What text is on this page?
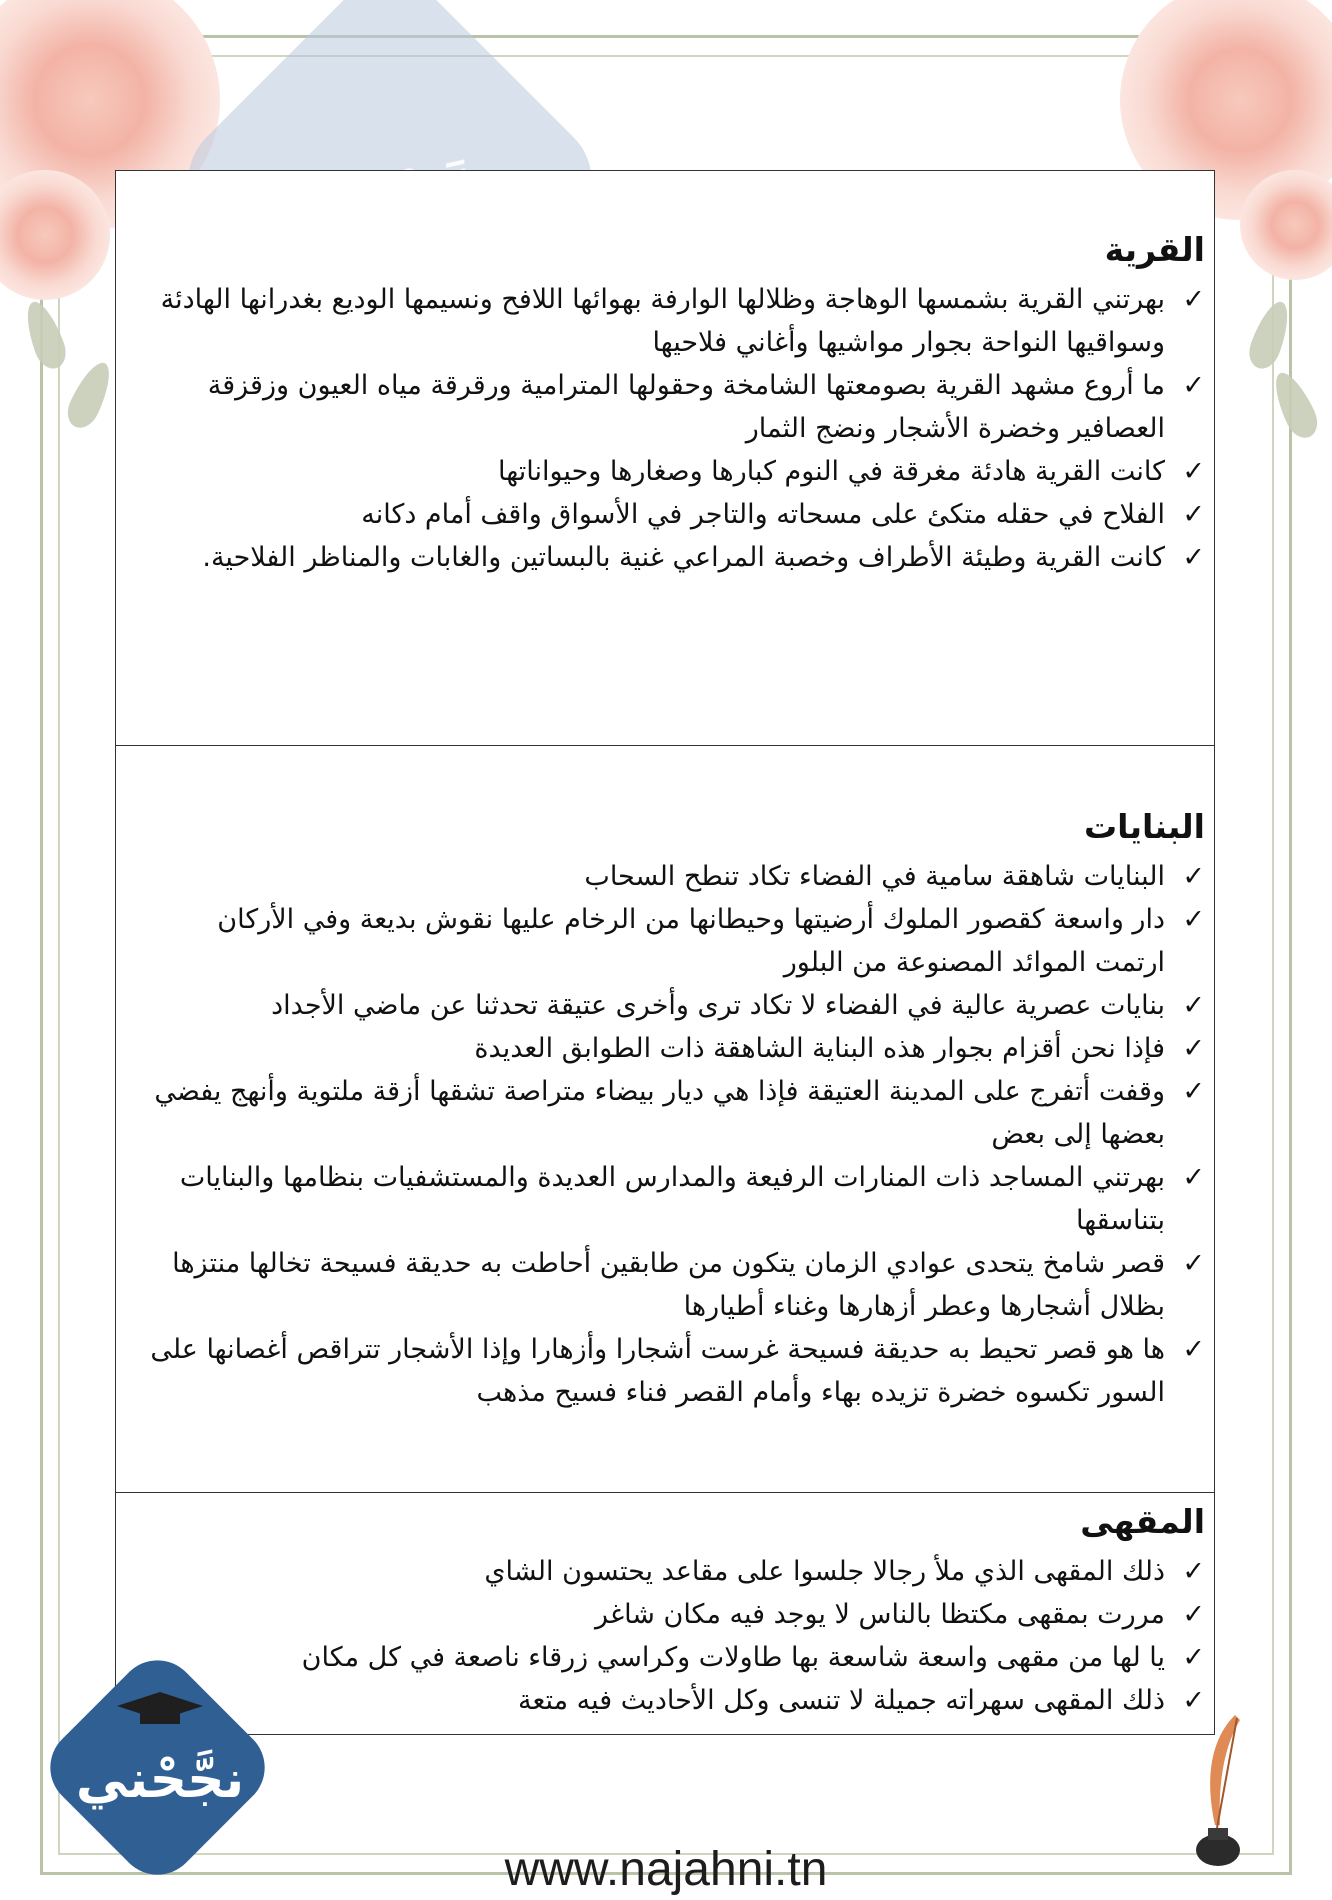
القرية
✓
بهرتني القرية بشمسها الوهاجة وظلالها الوارفة بهوائها اللافح ونسيمها الوديع بغدرانها الهادئة وسواقيها النواحة بجوار مواشيها وأغاني فلاحيها
✓
ما أروع مشهد القرية بصومعتها الشامخة وحقولها المترامية ورقرقة مياه العيون وزقزقة العصافير وخضرة الأشجار ونضج الثمار
✓
كانت القرية هادئة مغرقة في النوم كبارها وصغارها وحيواناتها
✓
الفلاح في حقله متكئ على مسحاته والتاجر في الأسواق واقف أمام دكانه
✓
كانت القرية وطيئة الأطراف وخصبة المراعي غنية بالبساتين والغابات والمناظر الفلاحية.
البنايات
✓
البنايات شاهقة سامية في الفضاء تكاد تنطح السحاب
✓
دار واسعة كقصور الملوك أرضيتها وحيطانها من الرخام عليها نقوش بديعة وفي الأركان ارتمت الموائد المصنوعة من البلور
✓
بنايات عصرية عالية في الفضاء لا تكاد ترى وأخرى عتيقة تحدثنا عن ماضي الأجداد
✓
فإذا نحن أقزام بجوار هذه البناية الشاهقة ذات الطوابق العديدة
✓
وقفت أتفرج على المدينة العتيقة فإذا هي ديار بيضاء متراصة تشقها أزقة ملتوية وأنهج يفضي بعضها إلى بعض
✓
بهرتني المساجد ذات المنارات الرفيعة والمدارس العديدة والمستشفيات بنظامها والبنايات بتناسقها
✓
قصر شامخ يتحدى عوادي الزمان يتكون من طابقين أحاطت به حديقة فسيحة تخالها منتزها بظلال أشجارها وعطر أزهارها وغناء أطيارها
✓
ها هو قصر تحيط به حديقة فسيحة غرست أشجارا وأزهارا وإذا الأشجار تتراقص أغصانها على السور تكسوه خضرة تزيده بهاء وأمام القصر فناء فسيح مذهب
المقهى
✓
ذلك المقهى الذي ملأ رجالا جلسوا على مقاعد يحتسون الشاي
✓
مررت بمقهى مكتظا بالناس لا يوجد فيه مكان شاغر
✓
يا لها من مقهى واسعة شاسعة بها طاولات وكراسي زرقاء ناصعة في كل مكان
✓
ذلك المقهى سهراته جميلة لا تنسى وكل الأحاديث فيه متعة
نجَّحْني
www.najahni.tn
